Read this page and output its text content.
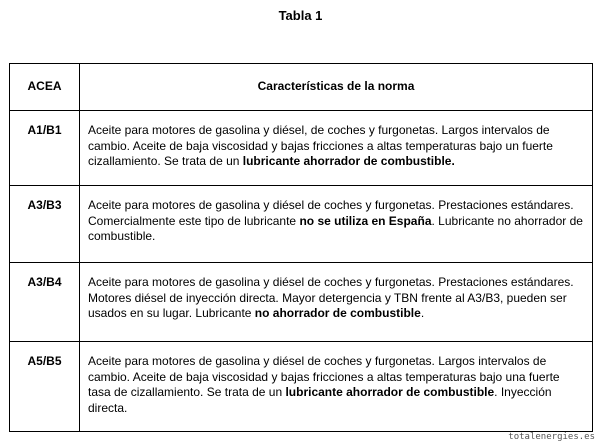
Tabla 1
ACEA	Características de la norma
A1/B1	Aceite para motores de gasolina y diésel, de coches y furgonetas. Largos intervalos de cambio. Aceite de baja viscosidad y bajas fricciones a altas temperaturas bajo un fuerte cizallamiento. Se trata de un lubricante ahorrador de combustible.
A3/B3	Aceite para motores de gasolina y diésel de coches y furgonetas. Prestaciones estándares. Comercialmente este tipo de lubricante no se utiliza en España. Lubricante no ahorrador de combustible.
A3/B4	Aceite para motores de gasolina y diésel de coches y furgonetas. Prestaciones estándares. Motores diésel de inyección directa. Mayor detergencia y TBN frente al A3/B3, pueden ser usados en su lugar. Lubricante no ahorrador de combustible.
A5/B5	Aceite para motores de gasolina y diésel de coches y furgonetas. Largos intervalos de cambio. Aceite de baja viscosidad y bajas fricciones a altas temperaturas bajo una fuerte tasa de cizallamiento. Se trata de un lubricante ahorrador de combustible. Inyección directa.
totalenergies.es
